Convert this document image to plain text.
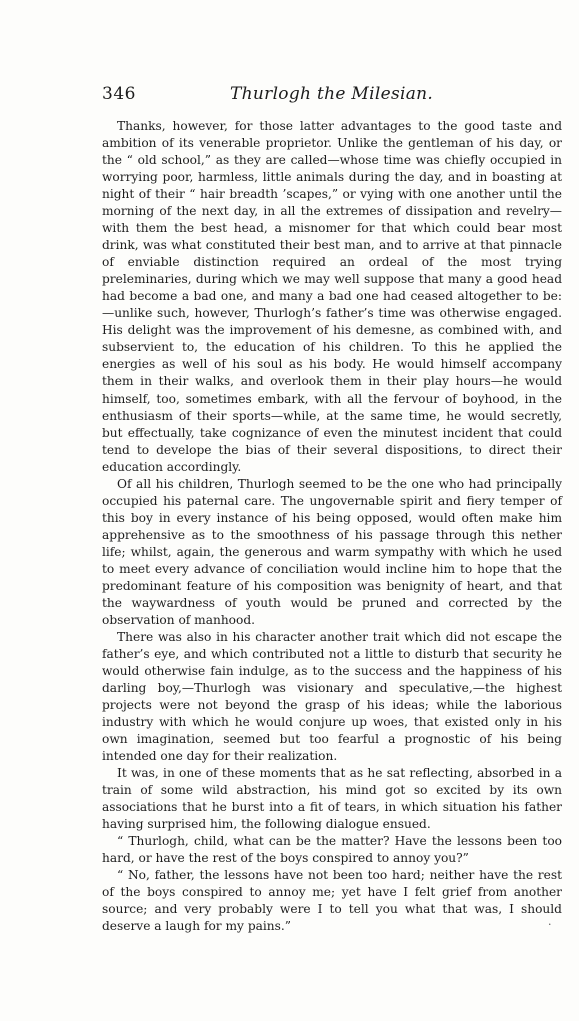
346	Thurlogh the Milesian.

Thanks, however, for those latter advantages to the good taste and ambition of its venerable proprietor. Unlike the gentleman of his day, or the “ old school,” as they are called—whose time was chiefly occupied in worrying poor, harmless, little animals during the day, and in boasting at night of their “ hair breadth ’scapes,” or vying with one another until the morning of the next day, in all the extremes of dissipation and revelry—with them the best head, a misnomer for that which could bear most drink, was what constituted their best man, and to arrive at that pinnacle of enviable distinction required an ordeal of the most trying preleminaries, during which we may well suppose that many a good head had become a bad one, and many a bad one had ceased altogether to be:—unlike such, however, Thurlogh’s father’s time was otherwise engaged. His delight was the improvement of his demesne, as combined with, and subservient to, the education of his children. To this he applied the energies as well of his soul as his body. He would himself accompany them in their walks, and overlook them in their play hours—he would himself, too, sometimes embark, with all the fervour of boyhood, in the enthusiasm of their sports—while, at the same time, he would secretly, but effectually, take cognizance of even the minutest incident that could tend to develope the bias of their several dispositions, to direct their education accordingly.

Of all his children, Thurlogh seemed to be the one who had principally occupied his paternal care. The ungovernable spirit and fiery temper of this boy in every instance of his being opposed, would often make him apprehensive as to the smoothness of his passage through this nether life; whilst, again, the generous and warm sympathy with which he used to meet every advance of conciliation would incline him to hope that the predominant feature of his composition was benignity of heart, and that the waywardness of youth would be pruned and corrected by the observation of manhood.

There was also in his character another trait which did not escape the father’s eye, and which contributed not a little to disturb that security he would otherwise fain indulge, as to the success and the happiness of his darling boy,—Thurlogh was visionary and speculative,—the highest projects were not beyond the grasp of his ideas; while the laborious industry with which he would conjure up woes, that existed only in his own imagination, seemed but too fearful a prognostic of his being intended one day for their realization.

It was, in one of these moments that as he sat reflecting, absorbed in a train of some wild abstraction, his mind got so excited by its own associations that he burst into a fit of tears, in which situation his father having surprised him, the following dialogue ensued.

“ Thurlogh, child, what can be the matter? Have the lessons been too hard, or have the rest of the boys conspired to annoy you?”

“ No, father, the lessons have not been too hard; neither have the rest of the boys conspired to annoy me; yet have I felt grief from another source; and very probably were I to tell you what that was, I should deserve a laugh for my pains.”	·
